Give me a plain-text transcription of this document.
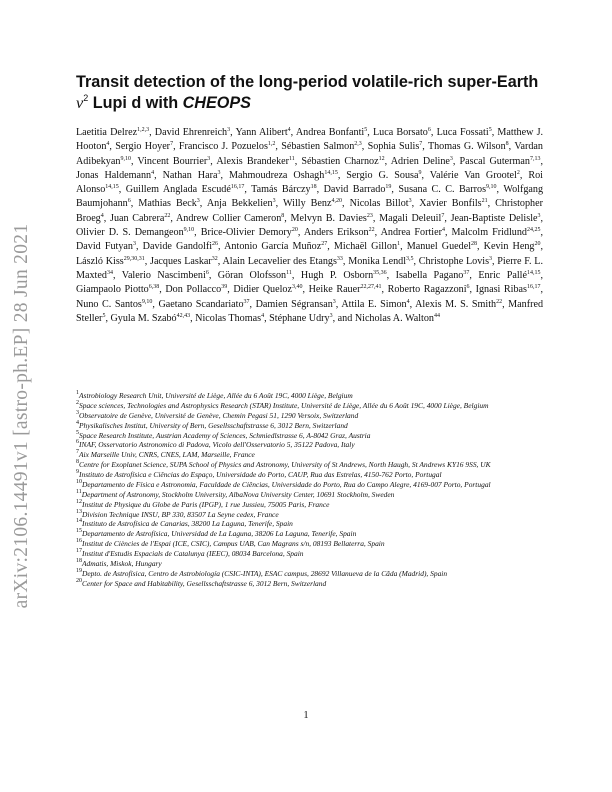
arXiv:2106.14491v1 [astro-ph.EP] 28 Jun 2021
Transit detection of the long-period volatile-rich super-Earth $\nu^2$ Lupi d with CHEOPS
Laetitia Delrez$^{1,2,3}$, David Ehrenreich$^3$, Yann Alibert$^4$, Andrea Bonfanti$^5$, Luca Borsato$^6$, Luca Fossati$^5$, Matthew J. Hooton$^4$, Sergio Hoyer$^7$, Francisco J. Pozuelos$^{1,2}$, Sébastien Salmon$^{2,3}$, Sophia Sulis$^7$, Thomas G. Wilson$^8$, Vardan Adibekyan$^{9,10}$, Vincent Bourrier$^3$, Alexis Brandeker$^{11}$, Sébastien Charnoz$^{12}$, Adrien Deline$^3$, Pascal Guterman$^{7,13}$, Jonas Haldemann$^4$, Nathan Hara$^3$, Mahmoudreza Oshagh$^{14,15}$, Sergio G. Sousa$^9$, Valérie Van Grootel$^2$, Roi Alonso$^{14,15}$, Guillem Anglada Escudé$^{16,17}$, Tamás Bárczy$^{18}$, David Barrado$^{19}$, Susana C. C. Barros$^{9,10}$, Wolfgang Baumjohann$^6$, Mathias Beck$^3$, Anja Bekkelien$^3$, Willy Benz$^{4,20}$, Nicolas Billot$^3$, Xavier Bonfils$^{21}$, Christopher Broeg$^4$, Juan Cabrera$^{22}$, Andrew Collier Cameron$^8$, Melvyn B. Davies$^{23}$, Magali Deleuil$^7$, Jean-Baptiste Delisle$^3$, Olivier D. S. Demangeon$^{9,10}$, Brice-Olivier Demory$^{20}$, Anders Erikson$^{22}$, Andrea Fortier$^4$, Malcolm Fridlund$^{24,25}$, David Futyan$^3$, Davide Gandolfi$^{26}$, Antonio García Muñoz$^{27}$, Michaël Gillon$^1$, Manuel Guedel$^{28}$, Kevin Heng$^{20}$, László Kiss$^{29,30,31}$, Jacques Laskar$^{32}$, Alain Lecavelier des Etangs$^{33}$, Monika Lendl$^{3,5}$, Christophe Lovis$^3$, Pierre F. L. Maxted$^{34}$, Valerio Nascimbeni$^6$, Göran Olofsson$^{11}$, Hugh P. Osborn$^{35,36}$, Isabella Pagano$^{37}$, Enric Pallé$^{14,15}$, Giampaolo Piotto$^{6,38}$, Don Pollacco$^{39}$, Didier Queloz$^{3,40}$, Heike Rauer$^{22,27,41}$, Roberto Ragazzoni$^6$, Ignasi Ribas$^{16,17}$, Nuno C. Santos$^{9,10}$, Gaetano Scandariato$^{37}$, Damien Ségransan$^3$, Attila E. Simon$^4$, Alexis M. S. Smith$^{22}$, Manfred Steller$^5$, Gyula M. Szabó$^{42,43}$, Nicolas Thomas$^4$, Stéphane Udry$^3$, and Nicholas A. Walton$^{44}$
$^1$Astrobiology Research Unit, Université de Liège, Allée du 6 Août 19C, 4000 Liège, Belgium
$^2$Space sciences, Technologies and Astrophysics Research (STAR) Institute, Université de Liège, Allée du 6 Août 19C, 4000 Liège, Belgium
$^3$Observatoire de Genève, Université de Genève, Chemin Pegasi 51, 1290 Versoix, Switzerland
$^4$Physikalisches Institut, University of Bern, Gesellsschaftstrasse 6, 3012 Bern, Switzerland
$^5$Space Research Institute, Austrian Academy of Sciences, Schmiedlstrasse 6, A-8042 Graz, Austria
$^6$INAF, Osservatorio Astronomico di Padova, Vicolo dell'Osservatorio 5, 35122 Padova, Italy
$^7$Aix Marseille Univ, CNRS, CNES, LAM, Marseille, France
$^8$Centre for Exoplanet Science, SUPA School of Physics and Astronomy, University of St Andrews, North Haugh, St Andrews KY16 9SS, UK
$^9$Instituto de Astrofísica e Ciências do Espaço, Universidade do Porto, CAUP, Rua das Estrelas, 4150-762 Porto, Portugal
$^{10}$Departamento de Física e Astronomia, Faculdade de Ciências, Universidade do Porto, Rua do Campo Alegre, 4169-007 Porto, Portugal
$^{11}$Department of Astronomy, Stockholm University, AlbaNova University Center, 10691 Stockholm, Sweden
$^{12}$Institut de Physique du Globe de Paris (IPGP), 1 rue Jussieu, 75005 Paris, France
$^{13}$Division Technique INSU, BP 330, 83507 La Seyne cedex, France
$^{14}$Instituto de Astrofísica de Canarias, 38200 La Laguna, Tenerife, Spain
$^{15}$Departamento de Astrofísica, Universidad de La Laguna, 38206 La Laguna, Tenerife, Spain
$^{16}$Institut de Ciències de l'Espai (ICE, CSIC), Campus UAB, Can Magrans s/n, 08193 Bellaterra, Spain
$^{17}$Institut d'Estudis Espacials de Catalunya (IEEC), 08034 Barcelona, Spain
$^{18}$Admatis, Miskok, Hungary
$^{19}$Depto. de Astrofísica, Centro de Astrobiología (CSIC-INTA), ESAC campus, 28692 Villanueva de la Cãda (Madrid), Spain
$^{20}$Center for Space and Habitability, Gesellsschaftstrasse 6, 3012 Bern, Switzerland
1
